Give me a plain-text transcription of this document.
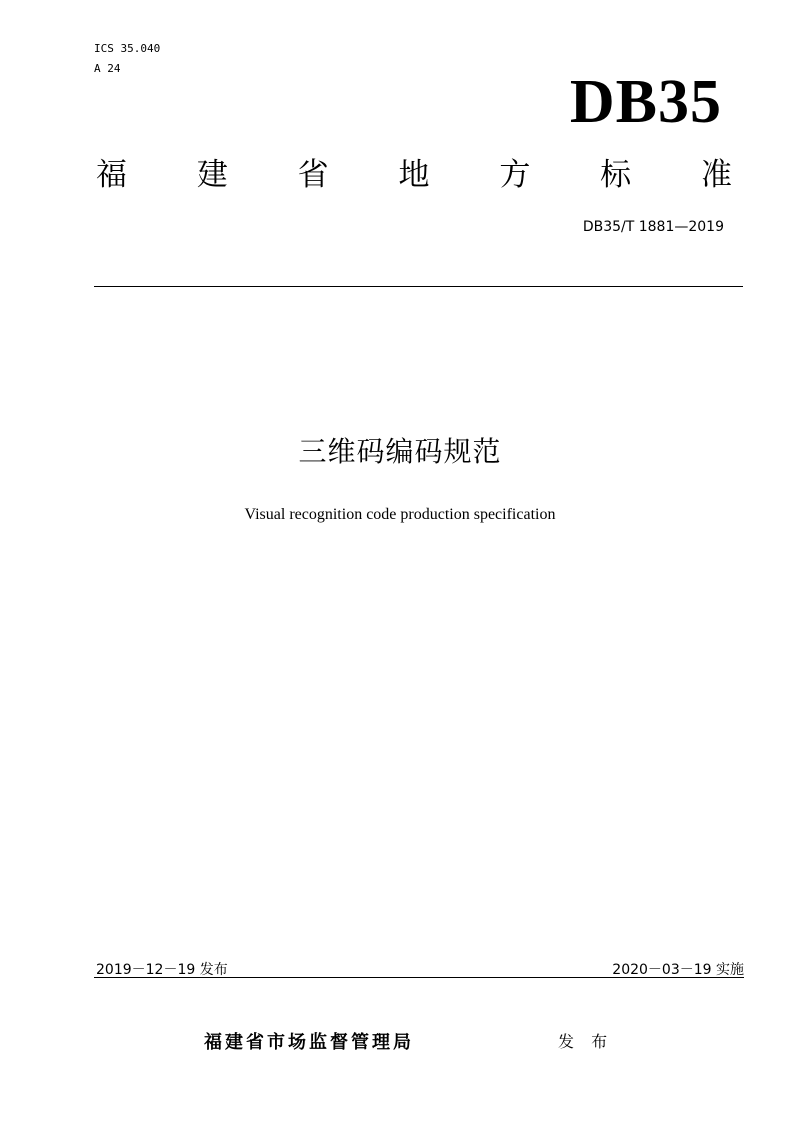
ICS 35.040
A 24	DB35
福 建 省 地 方 标 准
DB35/T 1881—2019
三维码编码规范
Visual recognition code production specification
2019－12－19 发布	2020－03－19 实施
福建省市场监督管理局	发 布
